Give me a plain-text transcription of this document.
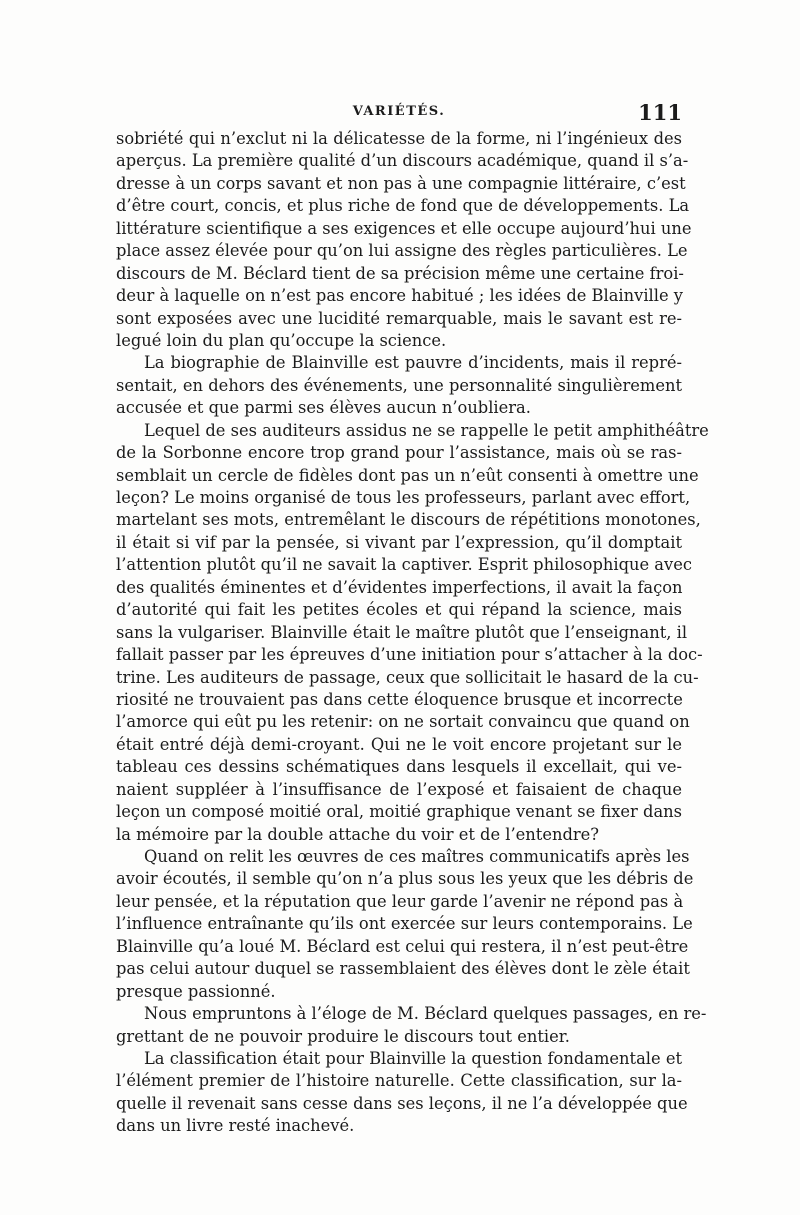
VARIÉTÉS.	111
sobriété qui n’exclut ni la délicatesse de la forme, ni l’ingénieux des
aperçus. La première qualité d’un discours académique, quand il s’a-
dresse à un corps savant et non pas à une compagnie littéraire, c’est
d’être court, concis, et plus riche de fond que de développements. La
littérature scientifique a ses exigences et elle occupe aujourd’hui une
place assez élevée pour qu’on lui assigne des règles particulières. Le
discours de M. Béclard tient de sa précision même une certaine froi-
deur à laquelle on n’est pas encore habitué ; les idées de Blainville y
sont exposées avec une lucidité remarquable, mais le savant est re-
legué loin du plan qu’occupe la science.
La biographie de Blainville est pauvre d’incidents, mais il repré-
sentait, en dehors des événements, une personnalité singulièrement
accusée et que parmi ses élèves aucun n’oubliera.
Lequel de ses auditeurs assidus ne se rappelle le petit amphithéâtre
de la Sorbonne encore trop grand pour l’assistance, mais où se ras-
semblait un cercle de fidèles dont pas un n’eût consenti à omettre une
leçon? Le moins organisé de tous les professeurs, parlant avec effort,
martelant ses mots, entremêlant le discours de répétitions monotones,
il était si vif par la pensée, si vivant par l’expression, qu’il domptait
l’attention plutôt qu’il ne savait la captiver. Esprit philosophique avec
des qualités éminentes et d’évidentes imperfections, il avait la façon
d’autorité qui fait les petites écoles et qui répand la science, mais
sans la vulgariser. Blainville était le maître plutôt que l’enseignant, il
fallait passer par les épreuves d’une initiation pour s’attacher à la doc-
trine. Les auditeurs de passage, ceux que sollicitait le hasard de la cu-
riosité ne trouvaient pas dans cette éloquence brusque et incorrecte
l’amorce qui eût pu les retenir: on ne sortait convaincu que quand on
était entré déjà demi-croyant. Qui ne le voit encore projetant sur le
tableau ces dessins schématiques dans lesquels il excellait, qui ve-
naient suppléer à l’insuffisance de l’exposé et faisaient de chaque
leçon un composé moitié oral, moitié graphique venant se fixer dans
la mémoire par la double attache du voir et de l’entendre?
Quand on relit les œuvres de ces maîtres communicatifs après les
avoir écoutés, il semble qu’on n’a plus sous les yeux que les débris de
leur pensée, et la réputation que leur garde l’avenir ne répond pas à
l’influence entraînante qu’ils ont exercée sur leurs contemporains. Le
Blainville qu’a loué M. Béclard est celui qui restera, il n’est peut-être
pas celui autour duquel se rassemblaient des élèves dont le zèle était
presque passionné.
Nous empruntons à l’éloge de M. Béclard quelques passages, en re-
grettant de ne pouvoir produire le discours tout entier.
La classification était pour Blainville la question fondamentale et
l’élément premier de l’histoire naturelle. Cette classification, sur la-
quelle il revenait sans cesse dans ses leçons, il ne l’a développée que
dans un livre resté inachevé.
